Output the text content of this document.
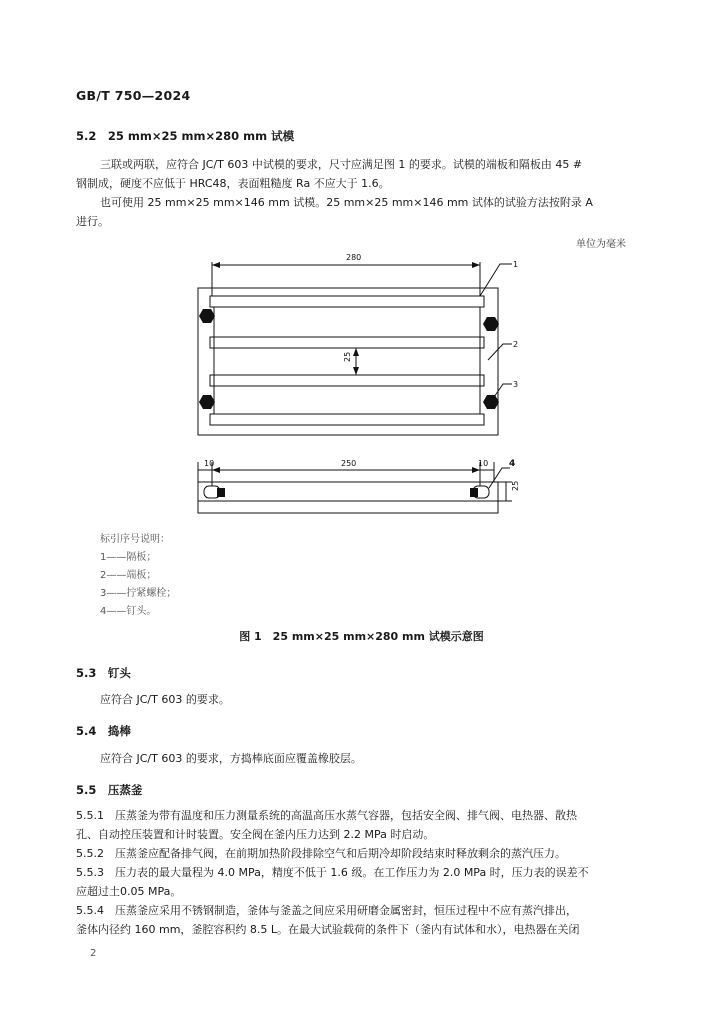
GB/T 750—2024
5.2　25 mm×25 mm×280 mm 试模
三联或两联，应符合 JC/T 603 中试模的要求，尺寸应满足图 1 的要求。试模的端板和隔板由 45 #
钢制成，硬度不应低于 HRC48，表面粗糙度 Ra 不应大于 1.6。
也可使用 25 mm×25 mm×146 mm 试模。25 mm×25 mm×146 mm 试体的试验方法按附录 A
进行。
单位为毫米
280
25
250
10	10
25
1
2
3
4
标引序号说明：
1——隔板；
2——端板；
3——拧紧螺栓；
4——钉头。
图 1　25 mm×25 mm×280 mm 试模示意图
5.3　钉头
应符合 JC/T 603 的要求。
5.4　捣棒
应符合 JC/T 603 的要求，方捣棒底面应覆盖橡胶层。
5.5　压蒸釜
5.5.1　压蒸釜为带有温度和压力测量系统的高温高压水蒸气容器，包括安全阀、排气阀、电热器、散热
孔、自动控压装置和计时装置。安全阀在釜内压力达到 2.2 MPa 时启动。
5.5.2　压蒸釜应配备排气阀，在前期加热阶段排除空气和后期冷却阶段结束时释放剩余的蒸汽压力。
5.5.3　压力表的最大量程为 4.0 MPa，精度不低于 1.6 级。在工作压力为 2.0 MPa 时，压力表的误差不
应超过土0.05 MPa。
5.5.4　压蒸釜应采用不锈钢制造，釜体与釜盖之间应采用研磨金属密封，恒压过程中不应有蒸汽排出，
釜体内径约 160 mm，釜腔容积约 8.5 L。在最大试验载荷的条件下（釜内有试体和水），电热器在关闭
2
